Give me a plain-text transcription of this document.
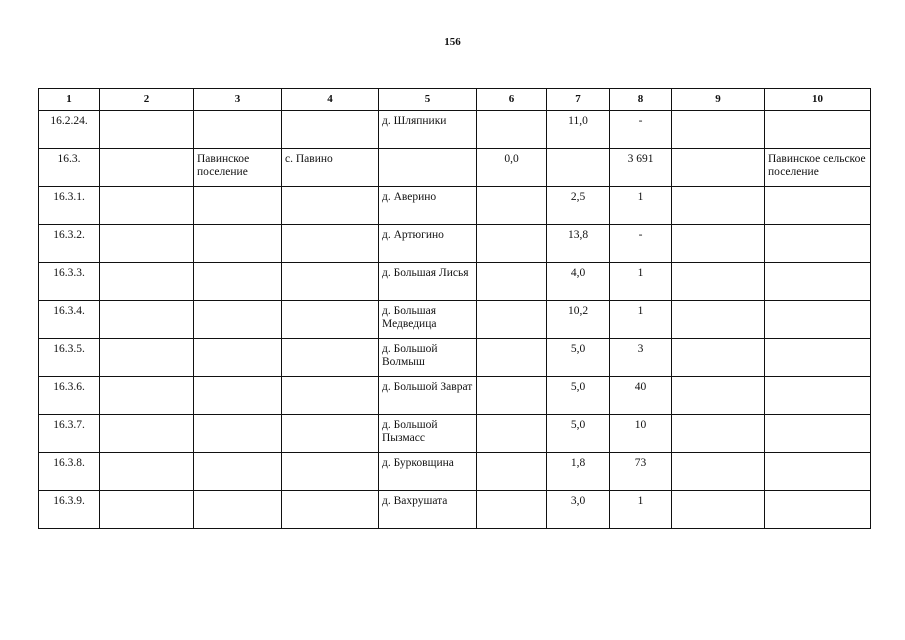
156
1	2	3	4	5	6	7	8	9	10
16.2.24.				д. Шляпники		11,0	-		
16.3.		Павинское поселение	с. Павино		0,0		3 691		Павинское сельское поселение
16.3.1.				д. Аверино		2,5	1		
16.3.2.				д. Артюгино		13,8	-		
16.3.3.				д. Большая Лисья		4,0	1		
16.3.4.				д. Большая Медведица		10,2	1		
16.3.5.				д. Большой Волмыш		5,0	3		
16.3.6.				д. Большой Заврат		5,0	40		
16.3.7.				д. Большой Пызмасс		5,0	10		
16.3.8.				д. Бурковщина		1,8	73		
16.3.9.				д. Вахрушата		3,0	1		
